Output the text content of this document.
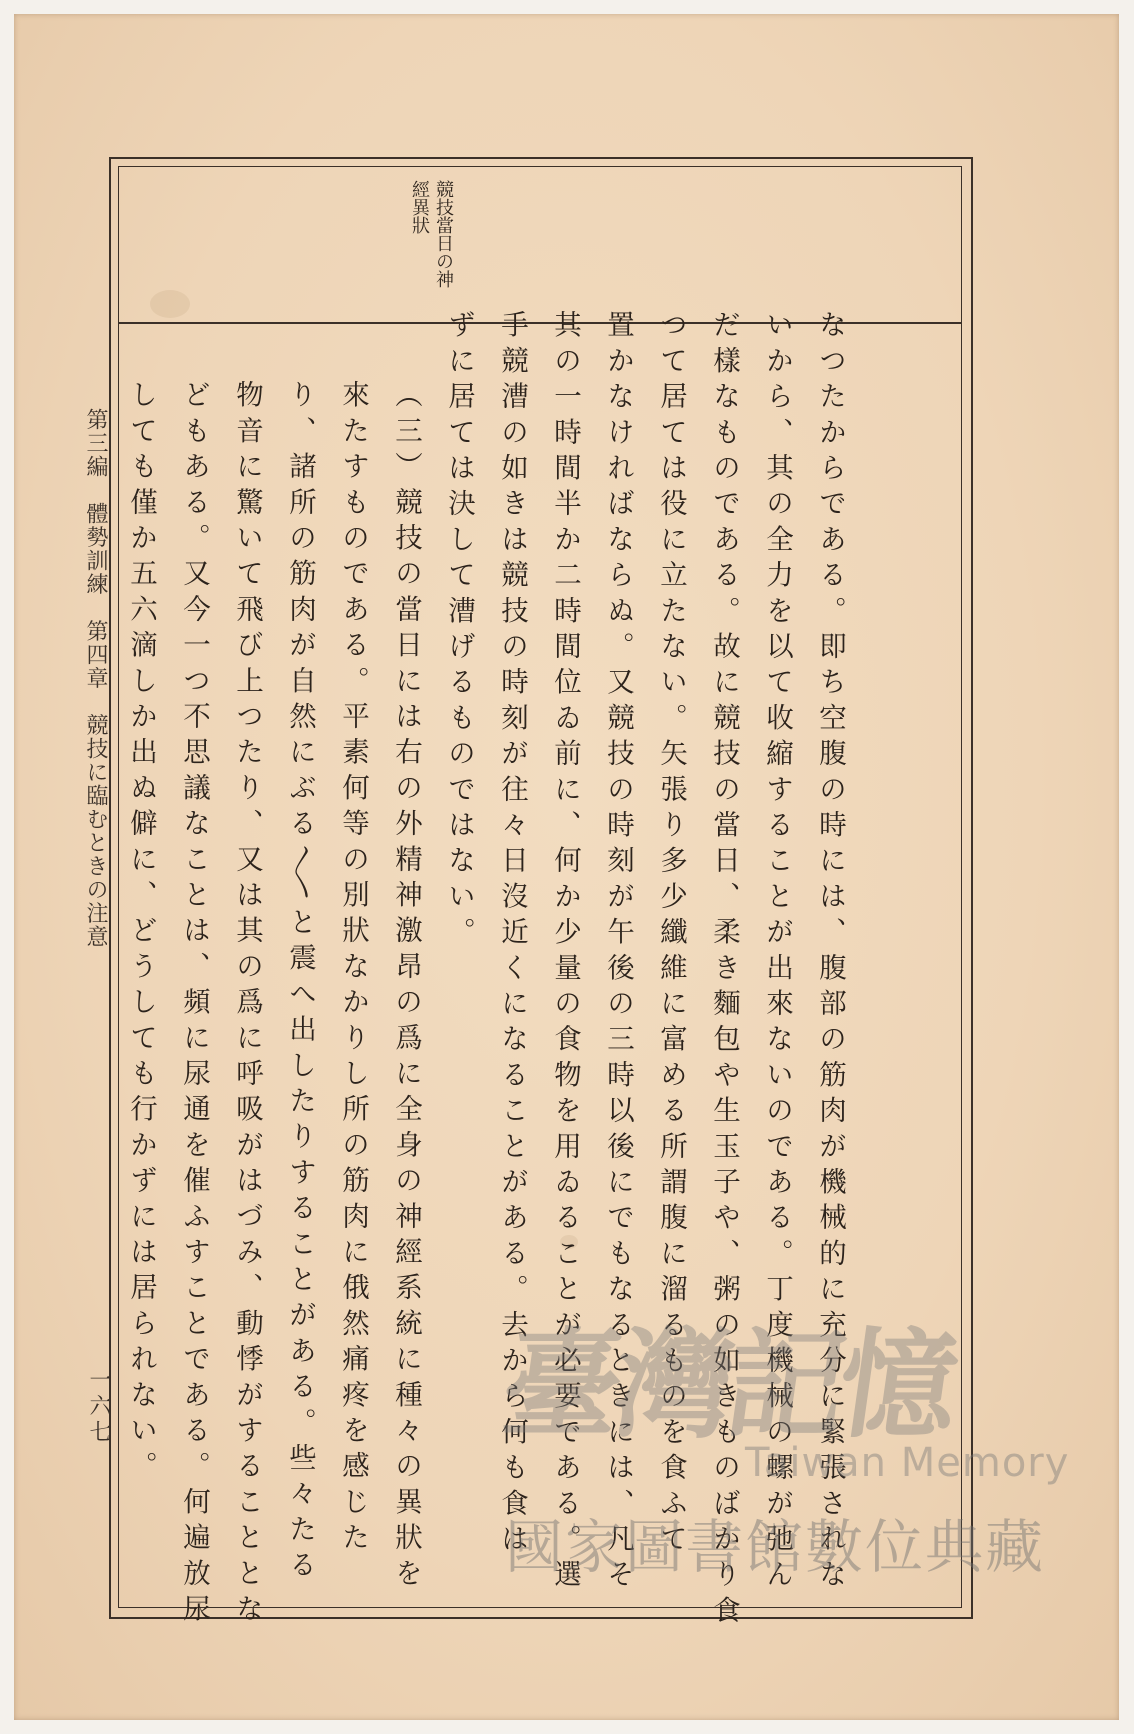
競技當日の神
經異狀
なつたからである。即ち空腹の時には、腹部の筋肉が機械的に充分に緊張されな
いから、其の全力を以て收縮することが出來ないのである。丁度機械の螺が弛ん
だ樣なものである。故に競技の當日、柔き麵包や生玉子や、粥の如きものばかり食
つて居ては役に立たない。矢張り多少纖維に富める所謂腹に溜るものを食ふて
置かなければならぬ。又競技の時刻が午後の三時以後にでもなるときには、凡そ
其の一時間半か二時間位ゐ前に、何か少量の食物を用ゐることが必要である。選
手競漕の如きは競技の時刻が往々日沒近くになることがある。去から何も食は
ずに居ては決して漕げるものではない。
（三）競技の當日には右の外精神激昂の爲に全身の神經系統に種々の異狀を
來たすものである。平素何等の別狀なかりし所の筋肉に俄然痛疼を感じた
り、諸所の筋肉が自然にぶる〳〵と震へ出したりすることがある。些々たる
物音に驚いて飛び上つたり、又は其の爲に呼吸がはづみ、動悸がすることとな
どもある。又今一つ不思議なことは、頻に尿通を催ふすことである。何遍放尿
しても僅か五六滴しか出ぬ僻に、どうしても行かずには居られない。
第三編　體勢訓練　第四章　競技に臨むときの注意
一六七	臺灣記憶
Taiwan Memory
國家圖書館數位典藏
